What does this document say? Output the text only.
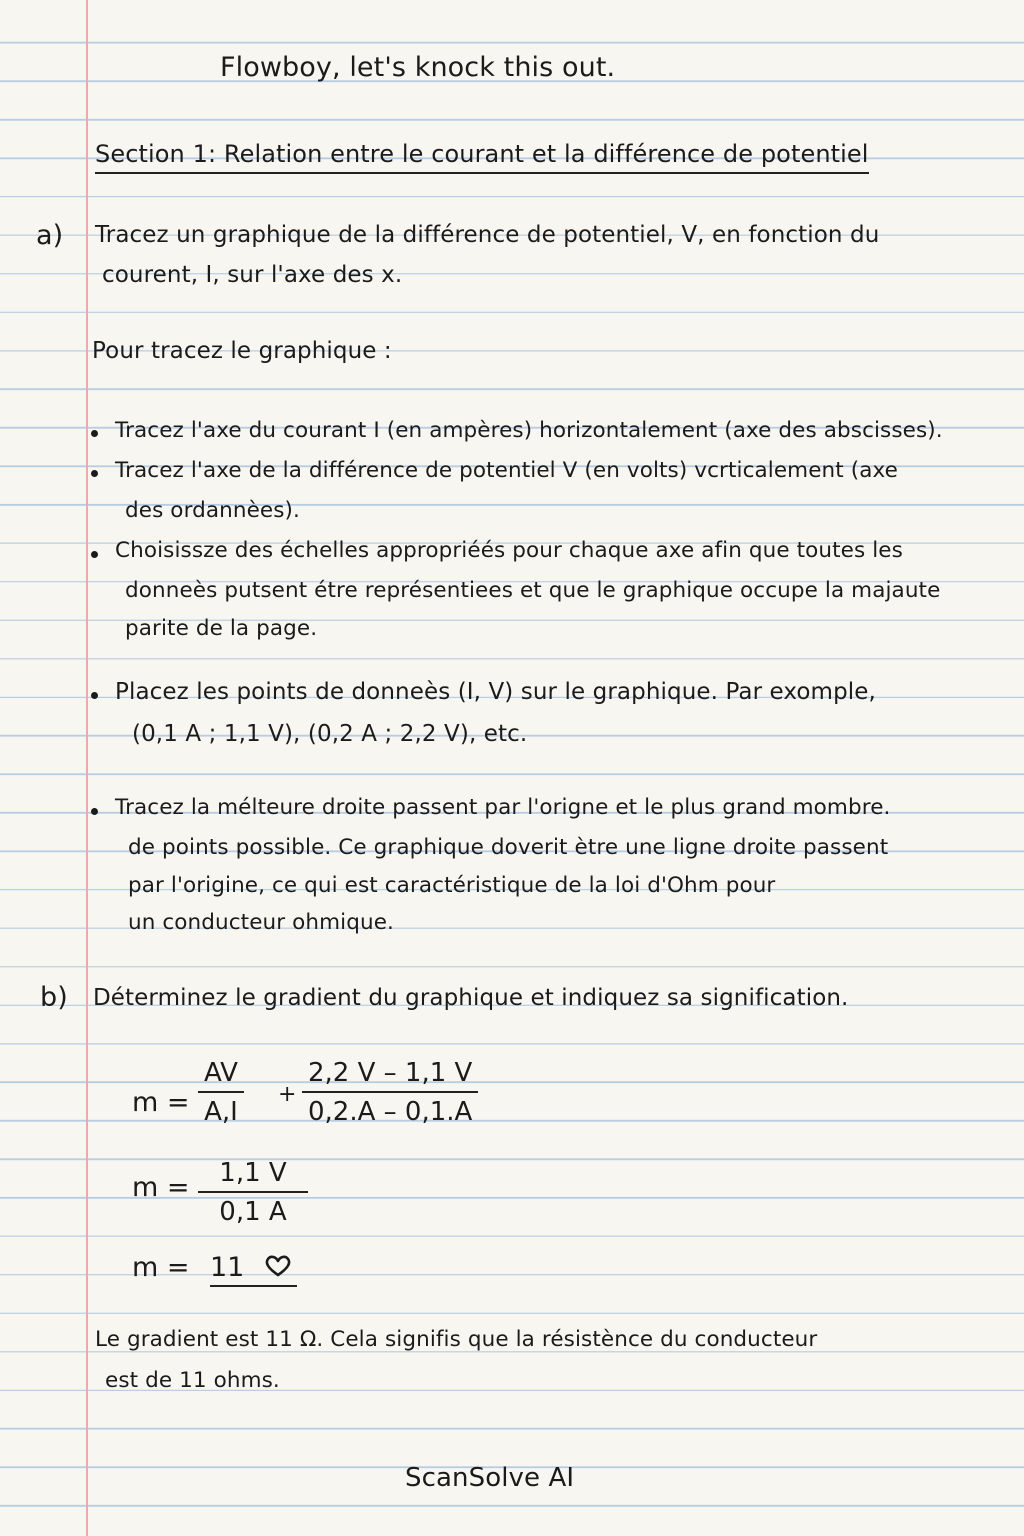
Flowboy, let's knock this out.
Section 1: Relation entre le courant et la différence de potentiel
a) Tracez un graphique de la différence de potentiel, V, en fonction du
courent, I, sur l'axe des x.
Pour tracez le graphique :
Tracez l'axe du courant I (en ampères) horizontalement (axe des abscisses).
Tracez l'axe de la différence de potentiel V (en volts) vcrticalement (axe
des ordannèes).
Choisissze des échelles appropriéés pour chaque axe afin que toutes les
donneès putsent étre représentiees et que le graphique occupe la majaute
parite de la page.
Placez les points de donneès (I, V) sur le graphique. Par exomple,
(0,1 A ; 1,1 V), (0,2 A ; 2,2 V), etc.
Tracez la mélteure droite passent par l'origne et le plus grand mombre.
de points possible. Ce graphique doverit ètre une ligne droite passent
par l'origine, ce qui est caractéristique de la loi d'Ohm pour
un conducteur ohmique.
b) Déterminez le gradient du graphique et indiquez sa signification.
$m = \frac{AV}{A,I} + \frac{2,2 V - 1,1 V}{0,2.A - 0,1.A}$
$m = \frac{1,1 V}{0,1 A}$
m = 11
Le gradient est 11 Ω. Cela signifis que la résistènce du conducteur
est de 11 ohms.
ScanSolve AI
